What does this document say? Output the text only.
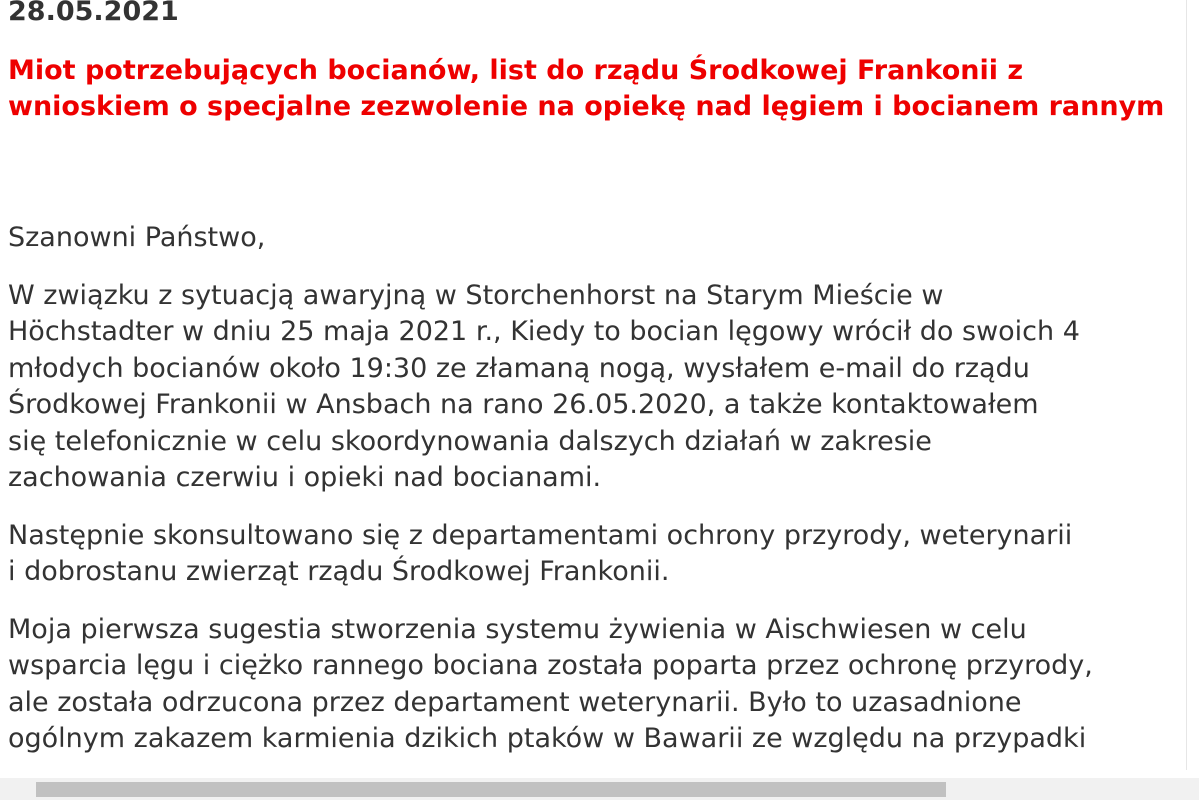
28.05.2021

Miot potrzebujących bocianów, list do rządu Środkowej Frankonii z
wnioskiem o specjalne zezwolenie na opiekę nad lęgiem i bocianem rannym

Szanowni Państwo,

W związku z sytuacją awaryjną w Storchenhorst na Starym Mieście w
Höchstadter w dniu 25 maja 2021 r., Kiedy to bocian lęgowy wrócił do swoich 4
młodych bocianów około 19:30 ze złamaną nogą, wysłałem e-mail do rządu
Środkowej Frankonii w Ansbach na rano 26.05.2020, a także kontaktowałem
się telefonicznie w celu skoordynowania dalszych działań w zakresie
zachowania czerwiu i opieki nad bocianami.
Następnie skonsultowano się z departamentami ochrony przyrody, weterynarii
i dobrostanu zwierząt rządu Środkowej Frankonii.
Moja pierwsza sugestia stworzenia systemu żywienia w Aischwiesen w celu
wsparcia lęgu i ciężko rannego bociana została poparta przez ochronę przyrody,
ale została odrzucona przez departament weterynarii. Było to uzasadnione
ogólnym zakazem karmienia dzikich ptaków w Bawarii ze względu na przypadki
